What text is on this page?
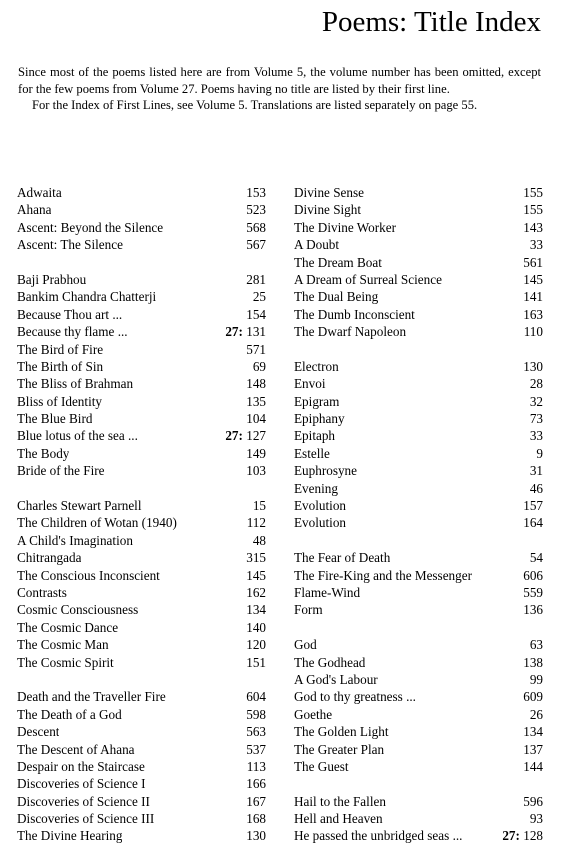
Poems: Title Index

Since most of the poems listed here are from Volume 5, the volume number has been omitted, except for the few poems from Volume 27. Poems having no title are listed by their first line.

For the Index of First Lines, see Volume 5. Translations are listed separately on page 55.

Adwaita	153
Ahana	523
Ascent: Beyond the Silence	568
Ascent: The Silence	567
Baji Prabhou	281
Bankim Chandra Chatterji	25
Because Thou art ...	154
Because thy flame ...	27: 131
The Bird of Fire	571
The Birth of Sin	69
The Bliss of Brahman	148
Bliss of Identity	135
The Blue Bird	104
Blue lotus of the sea ...	27: 127
The Body	149
Bride of the Fire	103
Charles Stewart Parnell	15
The Children of Wotan (1940)	112
A Child's Imagination	48
Chitrangada	315
The Conscious Inconscient	145
Contrasts	162
Cosmic Consciousness	134
The Cosmic Dance	140
The Cosmic Man	120
The Cosmic Spirit	151
Death and the Traveller Fire	604
The Death of a God	598
Descent	563
The Descent of Ahana	537
Despair on the Staircase	113
Discoveries of Science I	166
Discoveries of Science II	167
Discoveries of Science III	168
The Divine Hearing	130
Divine Sense	155
Divine Sight	155
The Divine Worker	143
A Doubt	33
The Dream Boat	561
A Dream of Surreal Science	145
The Dual Being	141
The Dumb Inconscient	163
The Dwarf Napoleon	110
Electron	130
Envoi	28
Epigram	32
Epiphany	73
Epitaph	33
Estelle	9
Euphrosyne	31
Evening	46
Evolution	157
Evolution	164
The Fear of Death	54
The Fire-King and the Messenger	606
Flame-Wind	559
Form	136
God	63
The Godhead	138
A God's Labour	99
God to thy greatness ...	609
Goethe	26
The Golden Light	134
The Greater Plan	137
The Guest	144
Hail to the Fallen	596
Hell and Heaven	93
He passed the unbridged seas ...	27: 128
